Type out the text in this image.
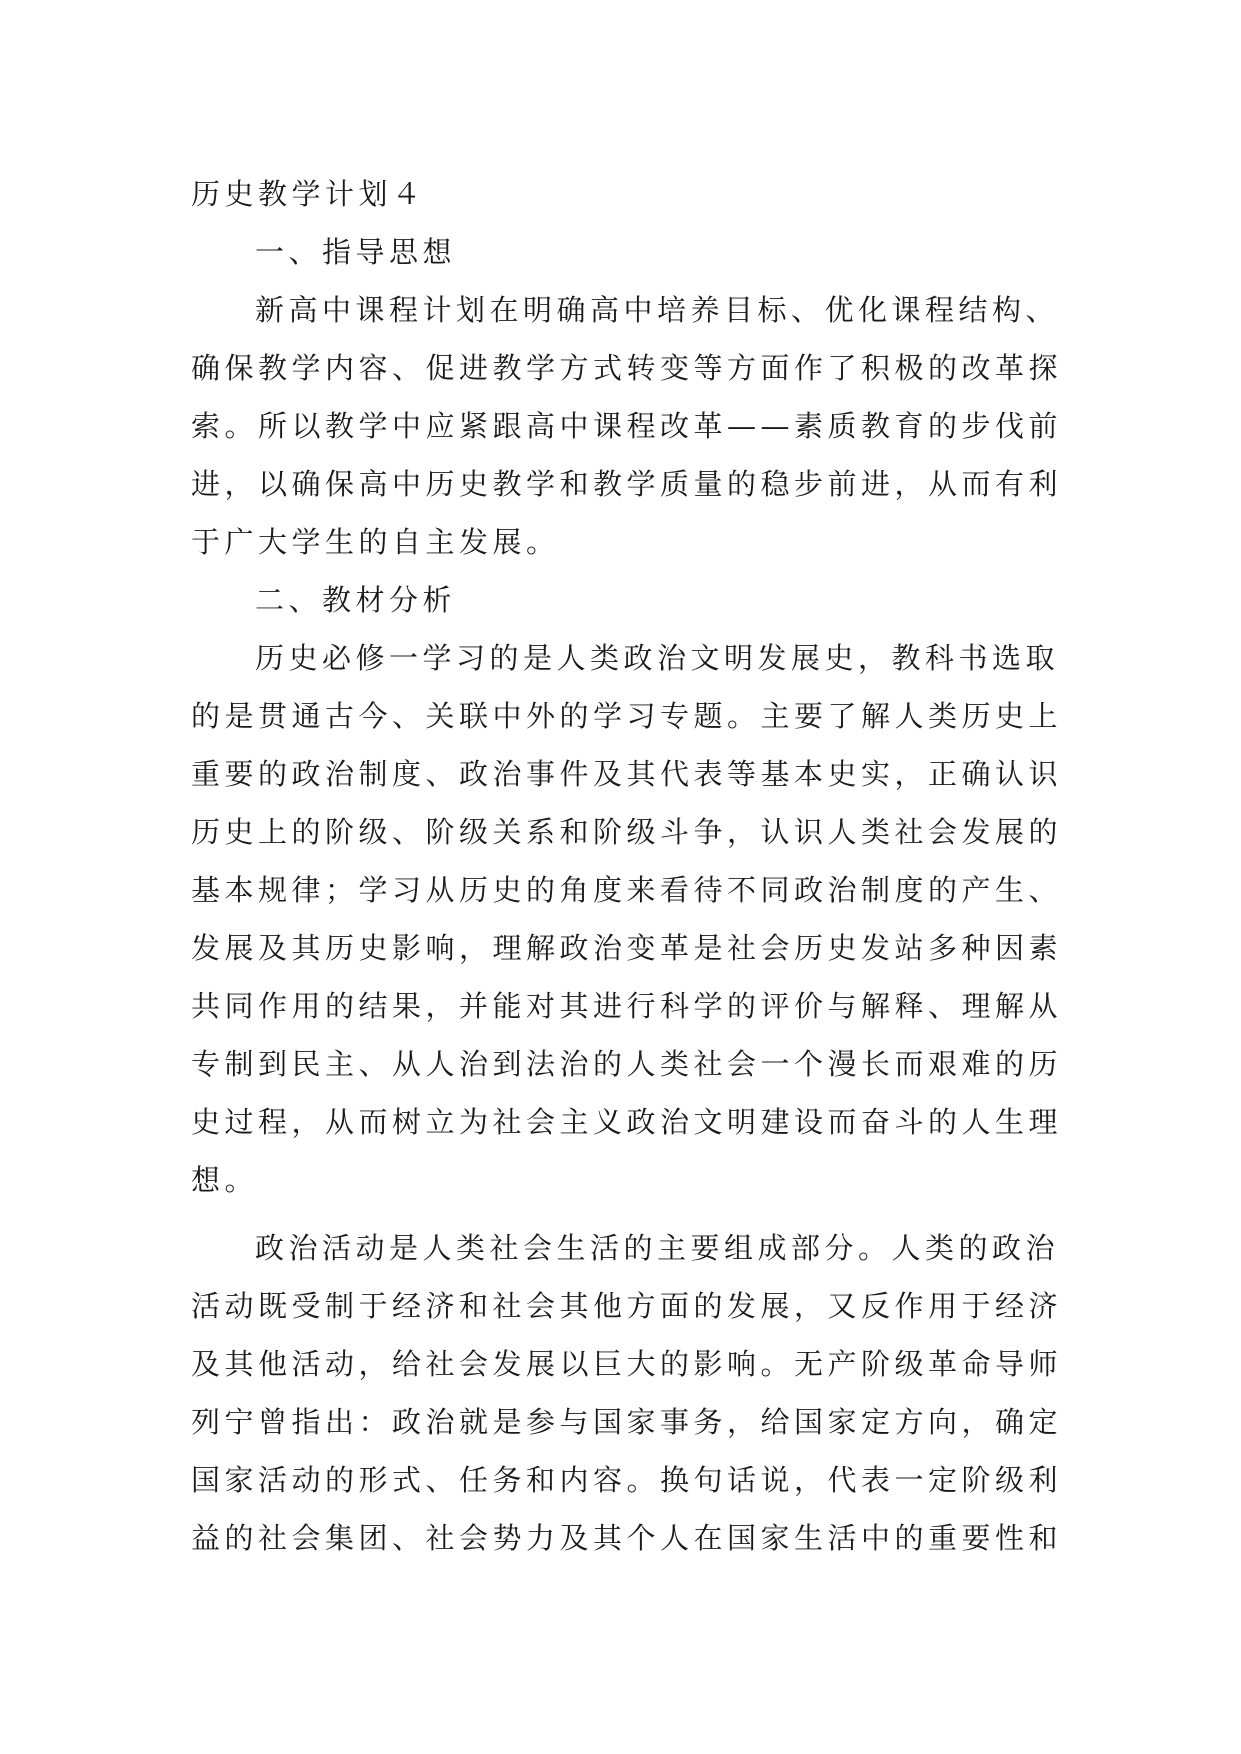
历史教学计划４
一、指导思想
新高中课程计划在明确高中培养目标、优化课程结构、
确保教学内容、促进教学方式转变等方面作了积极的改革探
索。所以教学中应紧跟高中课程改革——素质教育的步伐前
进，以确保高中历史教学和教学质量的稳步前进，从而有利
于广大学生的自主发展。
二、教材分析
历史必修一学习的是人类政治文明发展史，教科书选取
的是贯通古今、关联中外的学习专题。主要了解人类历史上
重要的政治制度、政治事件及其代表等基本史实，正确认识
历史上的阶级、阶级关系和阶级斗争，认识人类社会发展的
基本规律；学习从历史的角度来看待不同政治制度的产生、
发展及其历史影响，理解政治变革是社会历史发站多种因素
共同作用的结果，并能对其进行科学的评价与解释、理解从
专制到民主、从人治到法治的人类社会一个漫长而艰难的历
史过程，从而树立为社会主义政治文明建设而奋斗的人生理
想。
政治活动是人类社会生活的主要组成部分。人类的政治
活动既受制于经济和社会其他方面的发展，又反作用于经济
及其他活动，给社会发展以巨大的影响。无产阶级革命导师
列宁曾指出：政治就是参与国家事务，给国家定方向，确定
国家活动的形式、任务和内容。换句话说，代表一定阶级利
益的社会集团、社会势力及其个人在国家生活中的重要性和
